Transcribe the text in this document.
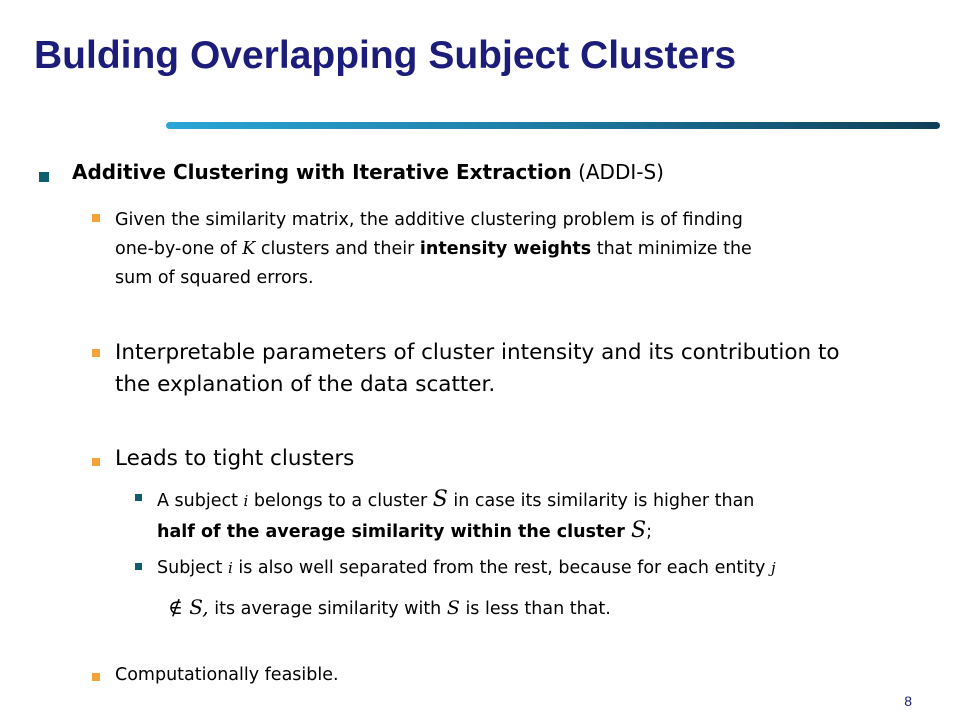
Bulding Overlapping Subject Clusters
Additive Clustering with Iterative Extraction (ADDI-S)
Given the similarity matrix, the additive clustering problem is of finding
one-by-one of K clusters and their intensity weights that minimize the
sum of squared errors.
Interpretable parameters of cluster intensity and its contribution to
the explanation of the data scatter.
Leads to tight clusters
A subject i belongs to a cluster S in case its similarity is higher than
half of the average similarity within the cluster S;
Subject i is also well separated from the rest, because for each entity j
∉ S, its average similarity with S is less than that.
Computationally feasible.
8
